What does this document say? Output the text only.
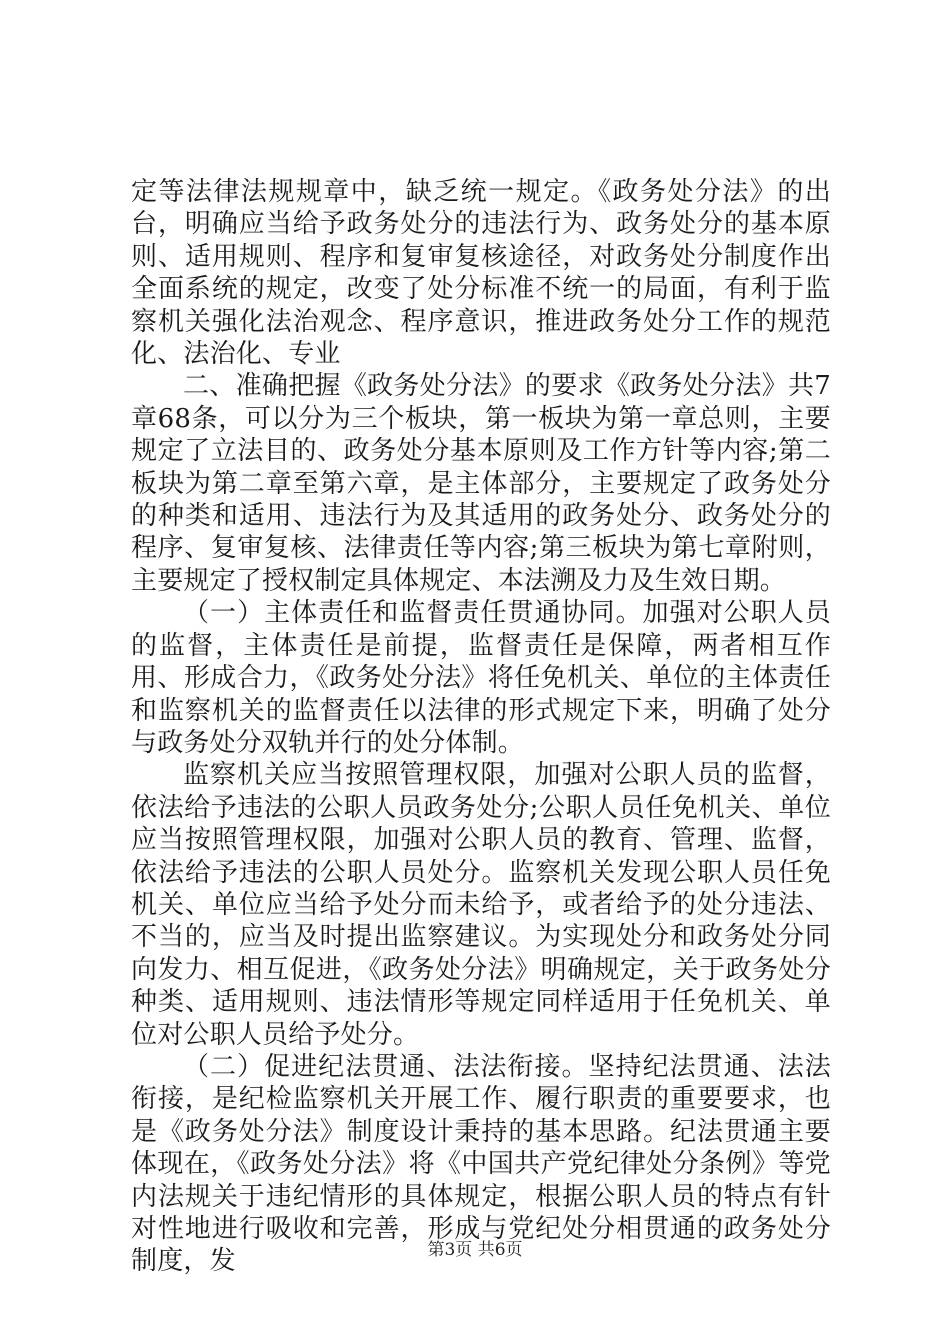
定等法律法规规章中，缺乏统一规定。《政务处分法》的出台，明确应当给予政务处分的违法行为、政务处分的基本原则、适用规则、程序和复审复核途径，对政务处分制度作出全面系统的规定，改变了处分标准不统一的局面，有利于监察机关强化法治观念、程序意识，推进政务处分工作的规范化、法治化、专业

二、准确把握《政务处分法》的要求《政务处分法》共7章68条，可以分为三个板块，第一板块为第一章总则，主要规定了立法目的、政务处分基本原则及工作方针等内容;第二板块为第二章至第六章，是主体部分，主要规定了政务处分的种类和适用、违法行为及其适用的政务处分、政务处分的程序、复审复核、法律责任等内容;第三板块为第七章附则，主要规定了授权制定具体规定、本法溯及力及生效日期。

（一）主体责任和监督责任贯通协同。加强对公职人员的监督，主体责任是前提，监督责任是保障，两者相互作用、形成合力，《政务处分法》将任免机关、单位的主体责任和监察机关的监督责任以法律的形式规定下来，明确了处分与政务处分双轨并行的处分体制。

监察机关应当按照管理权限，加强对公职人员的监督，依法给予违法的公职人员政务处分;公职人员任免机关、单位应当按照管理权限，加强对公职人员的教育、管理、监督，依法给予违法的公职人员处分。监察机关发现公职人员任免机关、单位应当给予处分而未给予，或者给予的处分违法、不当的，应当及时提出监察建议。为实现处分和政务处分同向发力、相互促进，《政务处分法》明确规定，关于政务处分种类、适用规则、违法情形等规定同样适用于任免机关、单位对公职人员给予处分。

（二）促进纪法贯通、法法衔接。坚持纪法贯通、法法衔接，是纪检监察机关开展工作、履行职责的重要要求，也是《政务处分法》制度设计秉持的基本思路。纪法贯通主要体现在，《政务处分法》将《中国共产党纪律处分条例》等党内法规关于违纪情形的具体规定，根据公职人员的特点有针对性地进行吸收和完善，形成与党纪处分相贯通的政务处分制度，发	第3页 共6页
